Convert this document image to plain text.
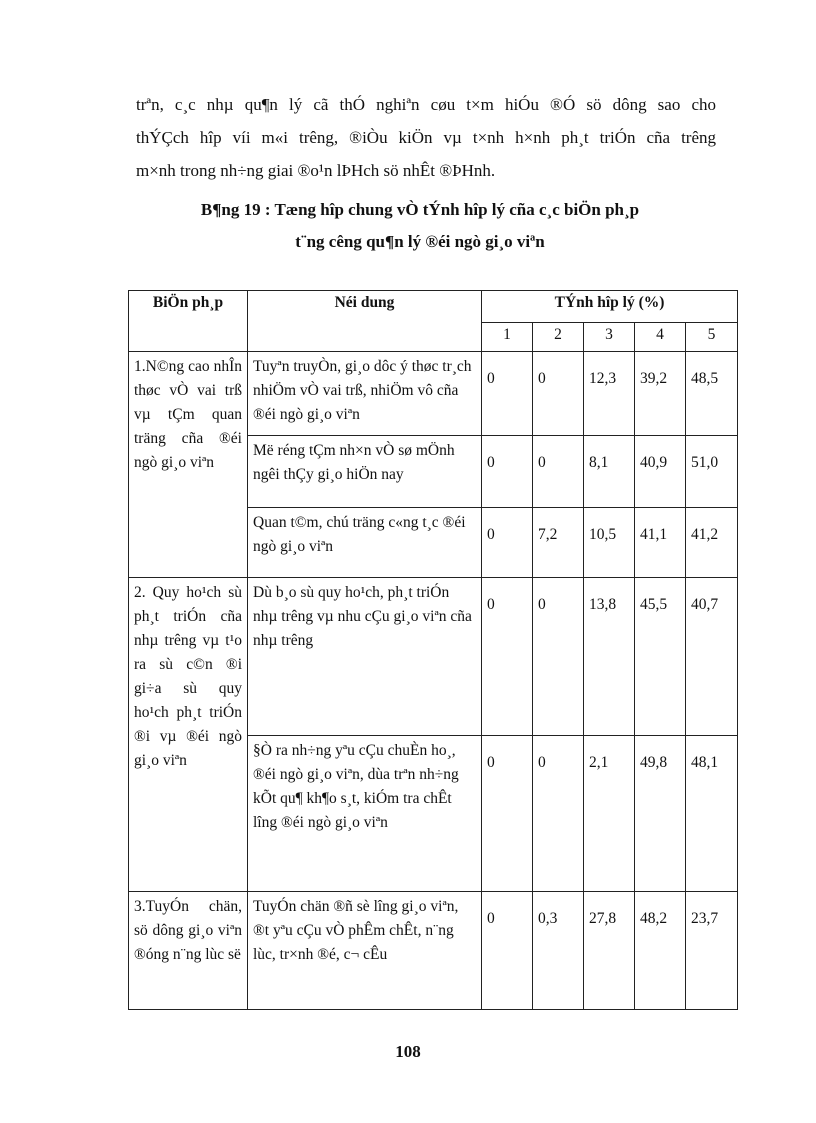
trªn, c¸c nhµ qu¶n lý cã thÓ nghiªn cøu t×m hiÓu ®Ó sö dông sao cho
thÝÇch hîp víi m«i trêng, ®iÒu kiÖn vµ t×nh h×nh ph¸t triÓn cña trêng
m×nh trong nh÷ng giai ®o¹n lÞHch sö nhÊt ®ÞHnh.
B¶ng 19 : Tæng hîp chung vÒ tÝnh hîp lý cña c¸c biÖn ph¸p
t¨ng cêng qu¶n lý ®éi ngò gi¸o viªn
BiÖn ph¸p	Néi dung	TÝnh hîp lý (%)				
		1	2	3	4	5
1.N©ng cao nhÎn thøc vÒ vai trß vµ tÇm quan träng cña ®éi ngò gi¸o viªn	Tuyªn truyÒn, gi¸o dôc ý thøc tr¸ch nhiÖm vÒ vai trß, nhiÖm vô cña ®éi ngò gi¸o viªn	0	0	12,3	39,2	48,5
	Më réng tÇm nh×n vÒ sø mÖnh ngêi thÇy gi¸o hiÖn nay	0	0	8,1	40,9	51,0
	Quan t©m, chú träng c«ng t¸c ®éi ngò gi¸o viªn	0	7,2	10,5	41,1	41,2
2. Quy ho¹ch sù ph¸t triÓn cña nhµ trêng vµ t¹o ra sù c©n ®i gi÷a sù quy ho¹ch ph¸t triÓn ®i vµ ®éi ngò gi¸o viªn	Dù b¸o sù quy ho¹ch, ph¸t triÓn nhµ trêng vµ nhu cÇu gi¸o viªn cña nhµ trêng	0	0	13,8	45,5	40,7
	§Ò ra nh÷ng yªu cÇu chuÈn ho¸, ®éi ngò gi¸o viªn, dùa trªn nh÷ng kÕt qu¶ kh¶o s¸t, kiÓm tra chÊt lîng ®éi ngò gi¸o viªn	0	0	2,1	49,8	48,1
3.TuyÓn chän, sö dông gi¸o viªn ®óng n¨ng lùc së	TuyÓn chän ®ñ sè lîng gi¸o viªn, ®t yªu cÇu vÒ phÊm chÊt, n¨ng lùc, tr×nh ®é, c¬ cÊu	0	0,3	27,8	48,2	23,7
108
